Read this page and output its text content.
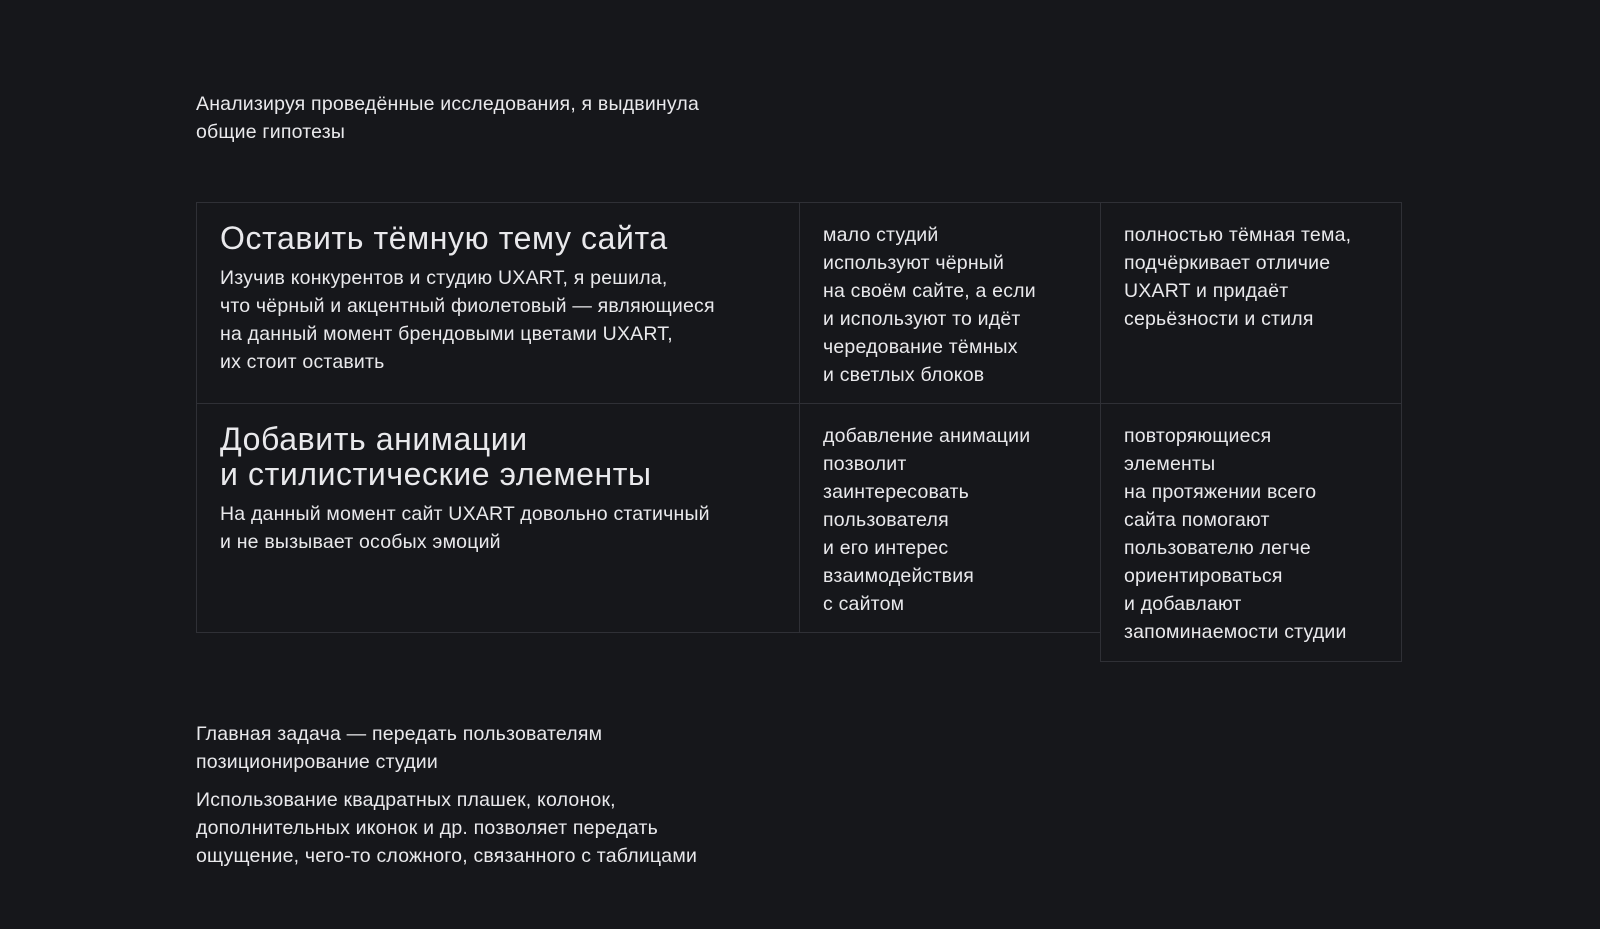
Анализируя проведённые исследования, я выдвинула
общие гипотезы
Оставить тёмную тему сайта
Изучив конкурентов и студию UXART, я решила,
что чёрный и акцентный фиолетовый — являющиеся
на данный момент брендовыми цветами UXART,
их стоит оставить
мало студий
используют чёрный
на своём сайте, а если
и используют то идёт
чередование тёмных
и светлых блоков
полностью тёмная тема,
подчёркивает отличие
UXART и придаёт
серьёзности и стиля
Добавить анимации
и стилистические элементы
На данный момент сайт UXART довольно статичный
и не вызывает особых эмоций
добавление анимации
позволит
заинтересовать
пользователя
и его интерес
взаимодействия
с сайтом
повторяющиеся
элементы
на протяжении всего
сайта помогают
пользователю легче
ориентироваться
и добавлают
запоминаемости студии
Главная задача — передать пользователям
позиционирование студии
Использование квадратных плашек, колонок,
дополнительных иконок и др. позволяет передать
ощущение, чего-то сложного, связанного с таблицами
